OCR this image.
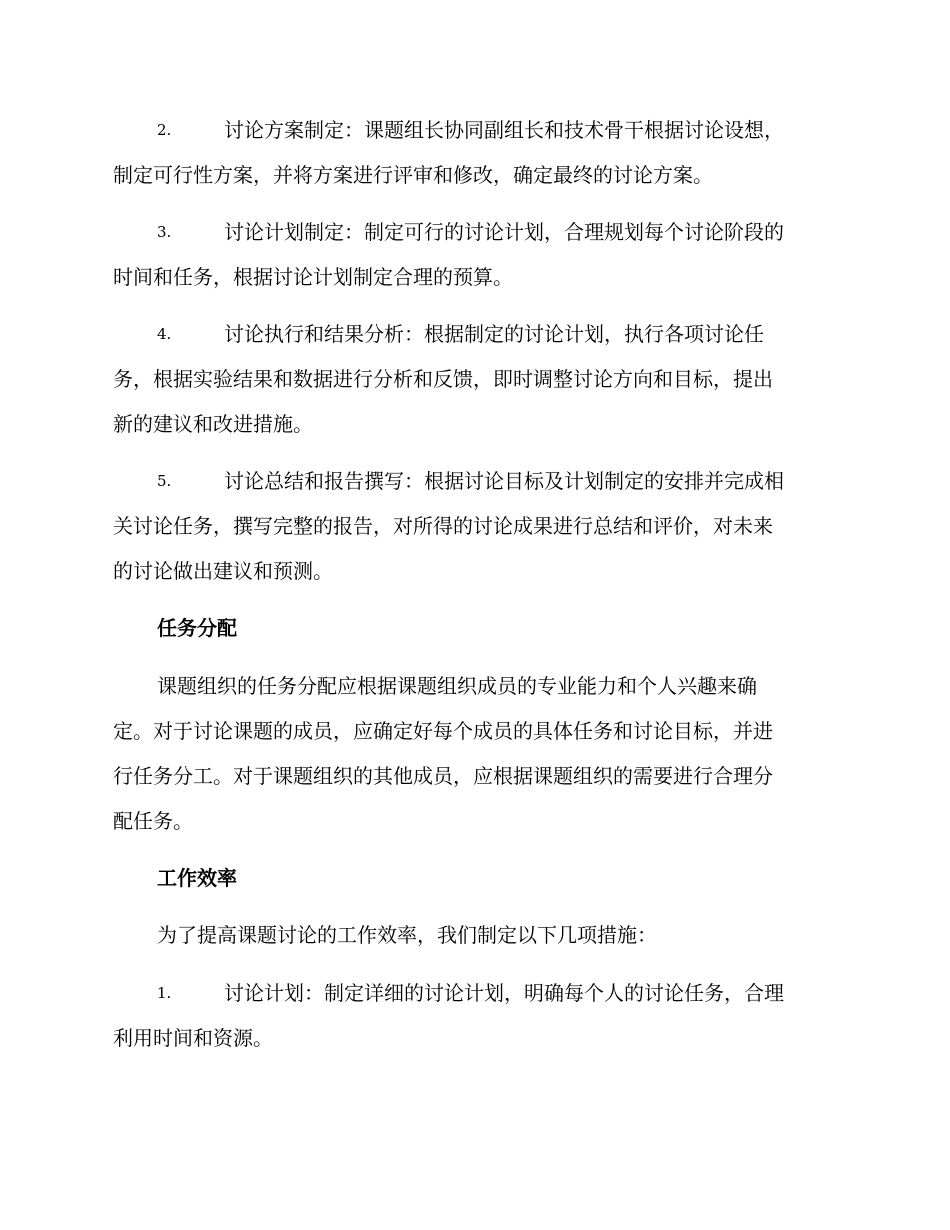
2.	讨论方案制定：课题组长协同副组长和技术骨干根据讨论设想，
制定可行性方案，并将方案进行评审和修改，确定最终的讨论方案。
3.	讨论计划制定：制定可行的讨论计划，合理规划每个讨论阶段的
时间和任务，根据讨论计划制定合理的预算。
4.	讨论执行和结果分析：根据制定的讨论计划，执行各项讨论任
务，根据实验结果和数据进行分析和反馈，即时调整讨论方向和目标，提出
新的建议和改进措施。
5.	讨论总结和报告撰写：根据讨论目标及计划制定的安排并完成相
关讨论任务，撰写完整的报告，对所得的讨论成果进行总结和评价，对未来
的讨论做出建议和预测。
任务分配
课题组织的任务分配应根据课题组织成员的专业能力和个人兴趣来确
定。对于讨论课题的成员，应确定好每个成员的具体任务和讨论目标，并进
行任务分工。对于课题组织的其他成员，应根据课题组织的需要进行合理分
配任务。
工作效率
为了提高课题讨论的工作效率，我们制定以下几项措施：
1.	讨论计划：制定详细的讨论计划，明确每个人的讨论任务，合理
利用时间和资源。
